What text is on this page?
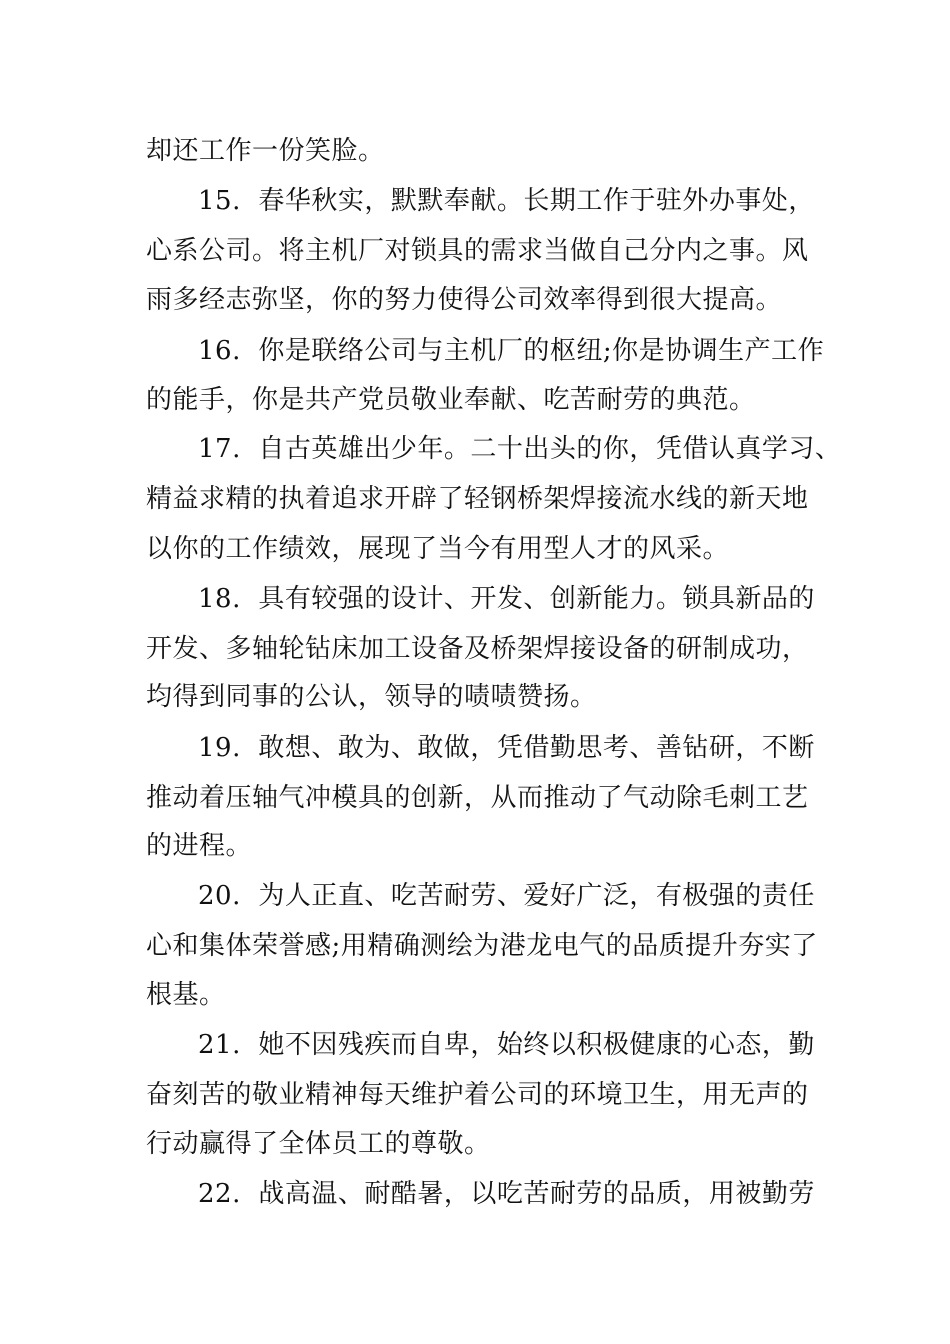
却还工作一份笑脸。
15.  春华秋实，默默奉献。长期工作于驻外办事处，
心系公司。将主机厂对锁具的需求当做自己分内之事。风
雨多经志弥坚，你的努力使得公司效率得到很大提高。
16.  你是联络公司与主机厂的枢纽;你是协调生产工作
的能手，你是共产党员敬业奉献、吃苦耐劳的典范。
17.  自古英雄出少年。二十出头的你，凭借认真学习、
精益求精的执着追求开辟了轻钢桥架焊接流水线的新天地
以你的工作绩效，展现了当今有用型人才的风采。
18.  具有较强的设计、开发、创新能力。锁具新品的
开发、多轴轮钻床加工设备及桥架焊接设备的研制成功，
均得到同事的公认，领导的啧啧赞扬。
19.  敢想、敢为、敢做，凭借勤思考、善钻研，不断
推动着压轴气冲模具的创新，从而推动了气动除毛刺工艺
的进程。
20.  为人正直、吃苦耐劳、爱好广泛，有极强的责任
心和集体荣誉感;用精确测绘为港龙电气的品质提升夯实了
根基。
21.  她不因残疾而自卑，始终以积极健康的心态，勤
奋刻苦的敬业精神每天维护着公司的环境卫生，用无声的
行动赢得了全体员工的尊敬。
22.  战高温、耐酷暑，以吃苦耐劳的品质，用被勤劳
